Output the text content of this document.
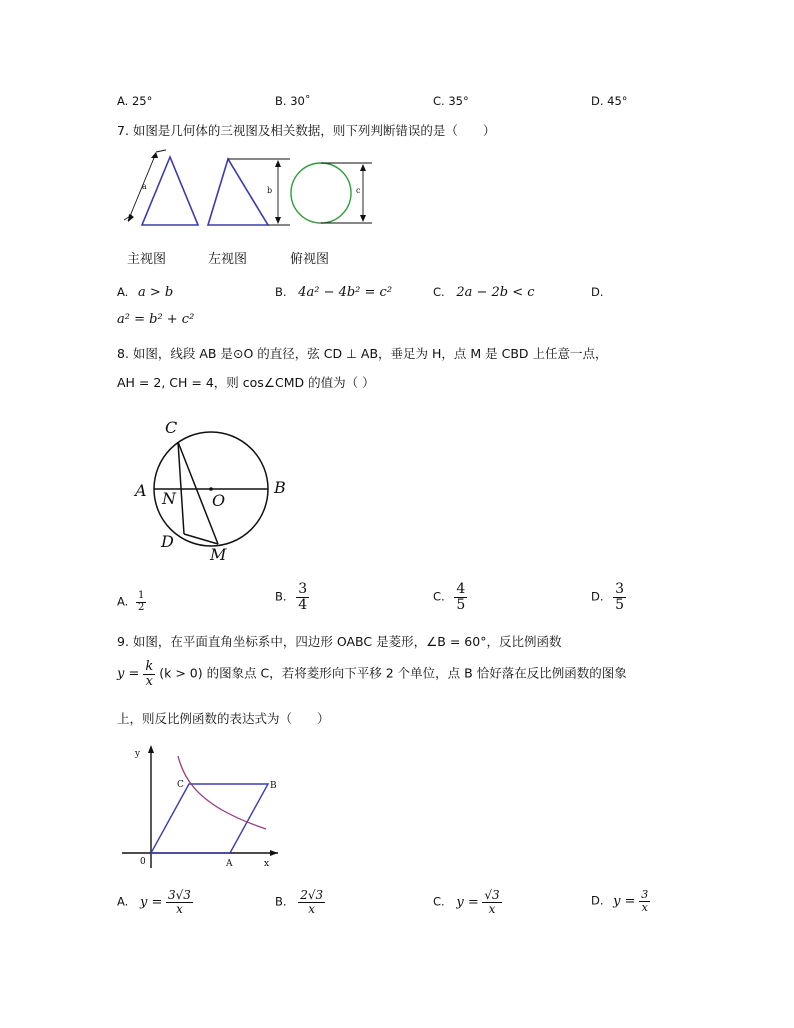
A. 25°	B. 30˚	C. 35°	D. 45°
7. 如图是几何体的三视图及相关数据，则下列判断错误的是（　　）
a	b	c
主视图	左视图	俯视图
A. a > b	B. 4a² − 4b² = c²	C. 2a − 2b < c	D.
a² = b² + c²
8. 如图，线段 AB 是⊙O 的直径，弦 CD ⊥ AB，垂足为 H，点 M 是 CBD 上任意一点，
AH = 2, CH = 4，则 cos∠CMD 的值为（ ）
C
A N O
B
D
M
A. $\frac{1}{2}$	B. $\frac{3}{4}$	C. $\frac{4}{5}$	D. $\frac{3}{5}$
9. 如图，在平面直角坐标系中，四边形 OABC 是菱形，∠B = 60°，反比例函数
$y = \frac{k}{x} (k > 0)$ 的图象点 C，若将菱形向下平移 2 个单位，点 B 恰好落在反比例函数的图象
上，则反比例函数的表达式为（　　）
y
x
0	A
B
C
A. $y = \frac{3√3}{x}$	B. $\frac{2√3}{x}$	C. $y = \frac{√3}{x}$	D. $y = \frac{3}{x}$
